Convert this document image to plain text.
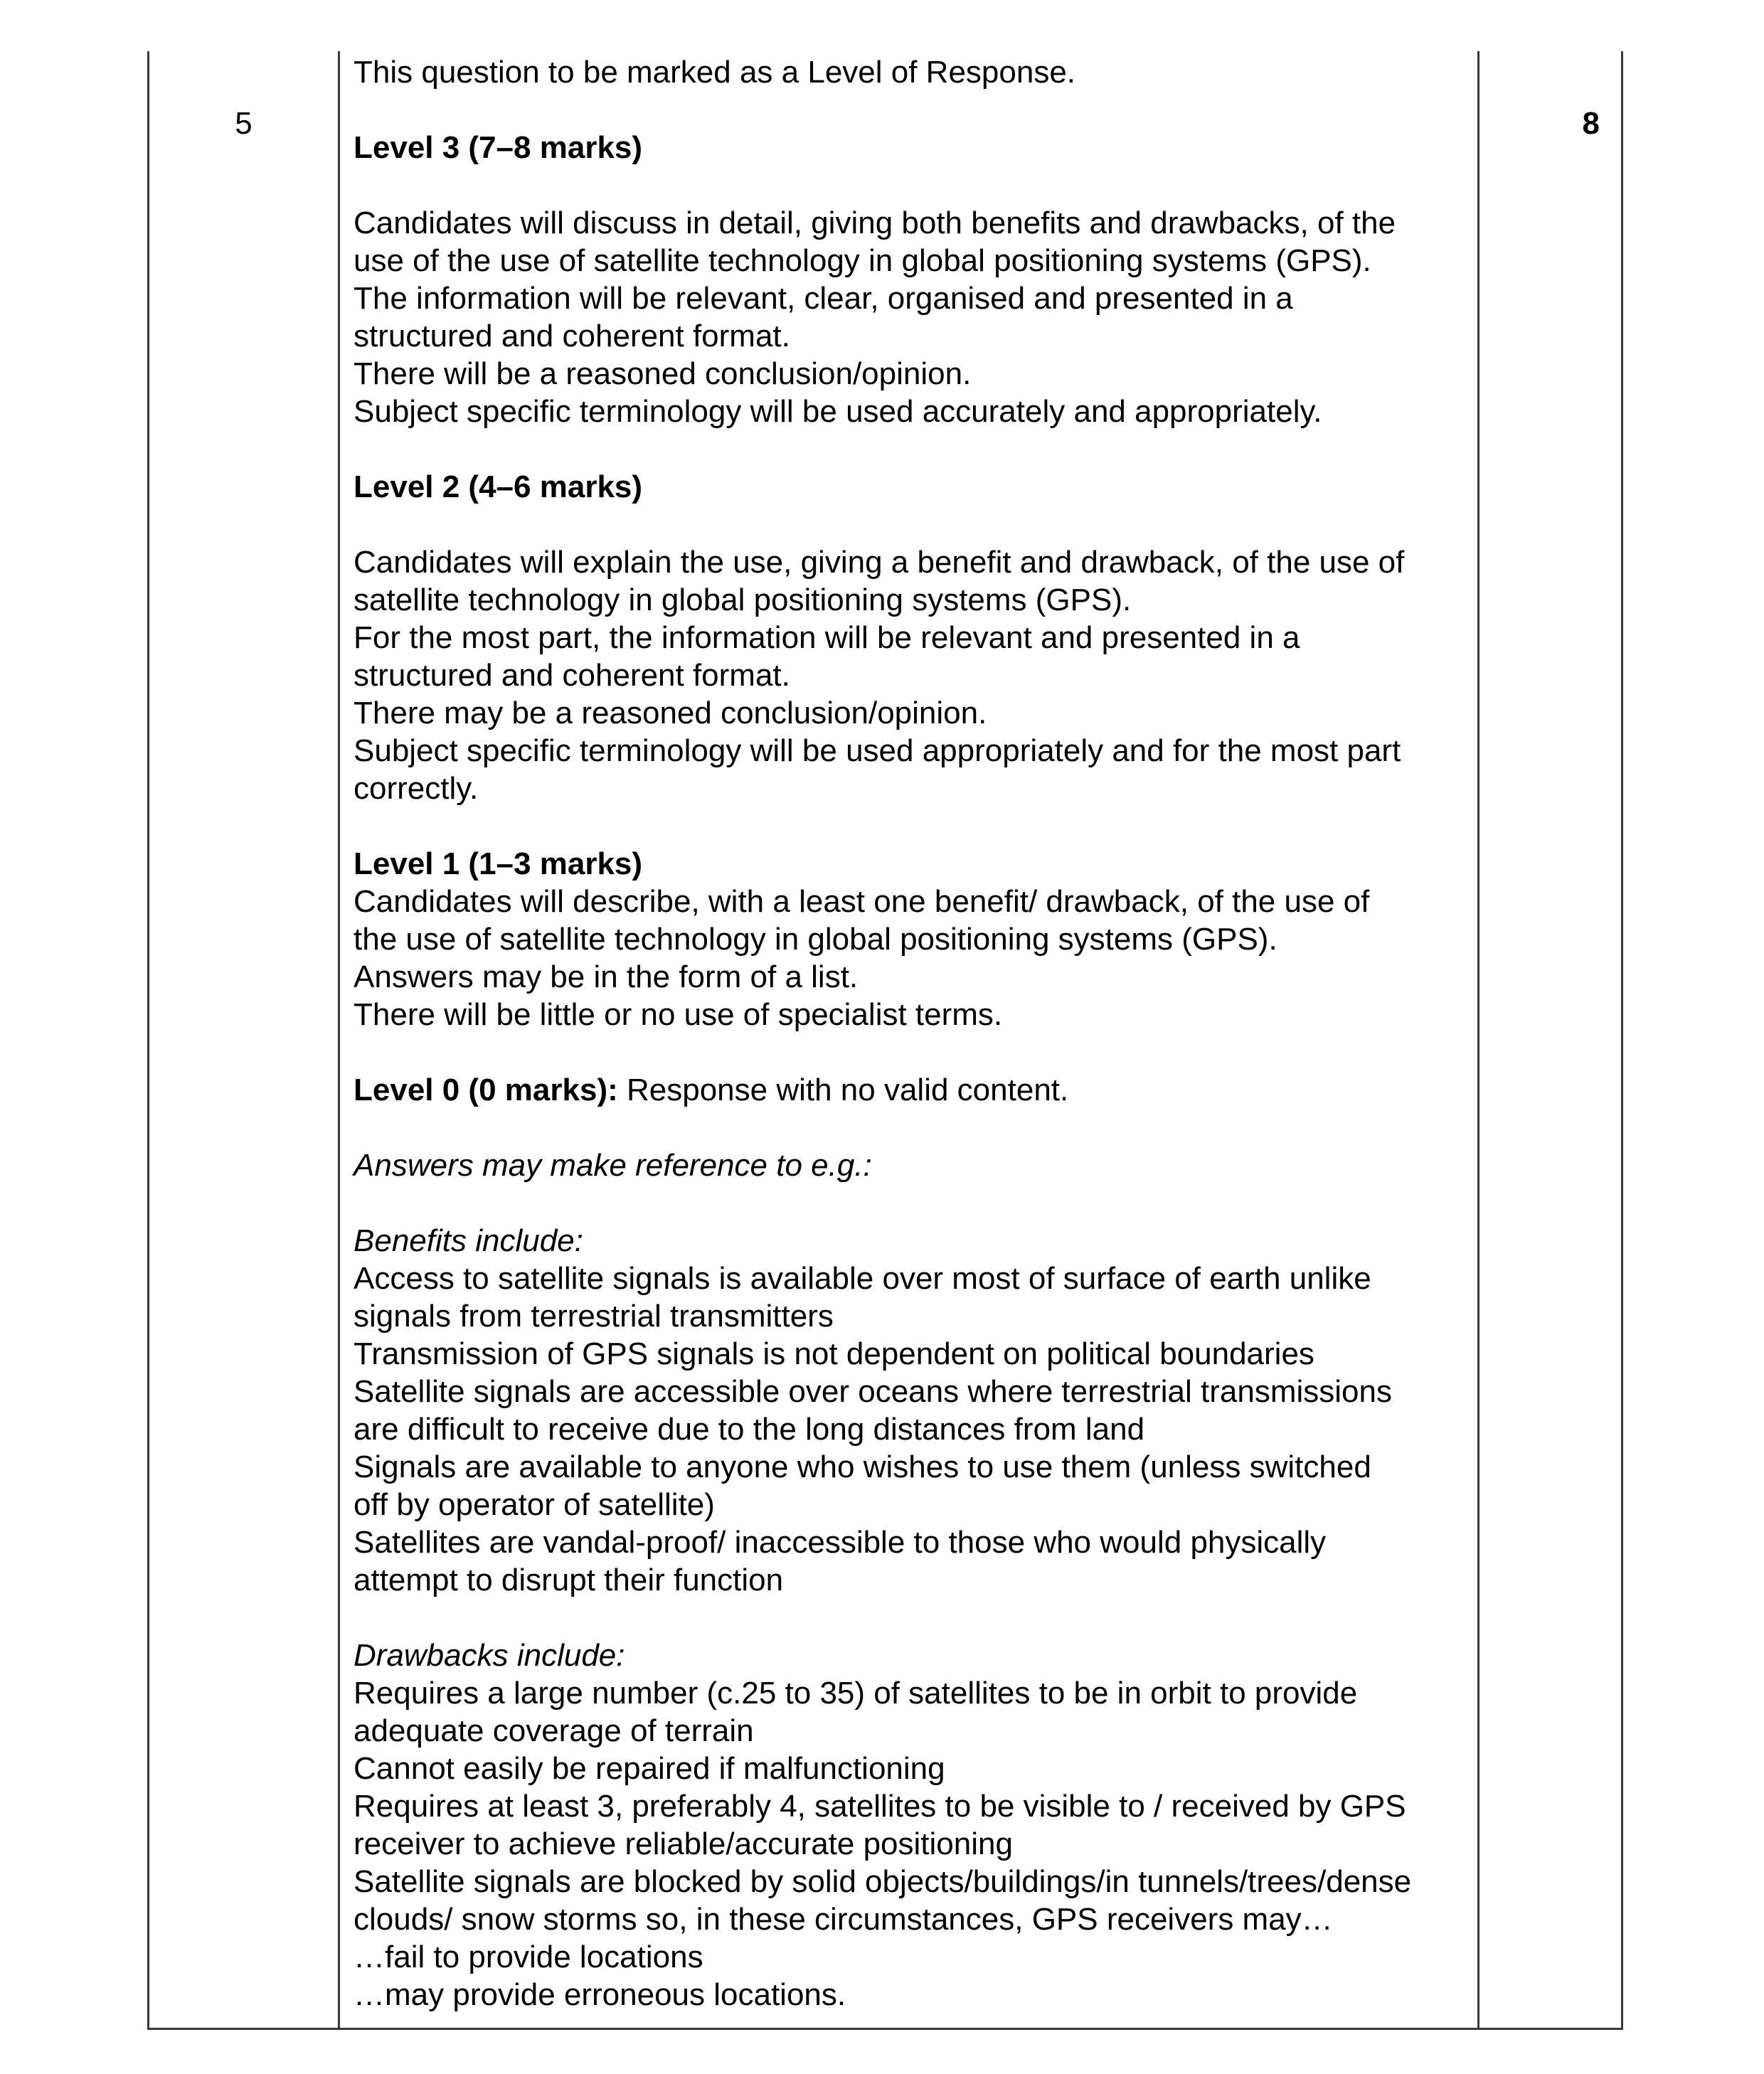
5	8
This question to be marked as a Level of Response.
Level 3 (7–8 marks)
Candidates will discuss in detail, giving both benefits and drawbacks, of the
use of the use of satellite technology in global positioning systems (GPS).
The information will be relevant, clear, organised and presented in a
structured and coherent format.
There will be a reasoned conclusion/opinion.
Subject specific terminology will be used accurately and appropriately.
Level 2 (4–6 marks)
Candidates will explain the use, giving a benefit and drawback, of the use of
satellite technology in global positioning systems (GPS).
For the most part, the information will be relevant and presented in a
structured and coherent format.
There may be a reasoned conclusion/opinion.
Subject specific terminology will be used appropriately and for the most part
correctly.
Level 1 (1–3 marks)
Candidates will describe, with a least one benefit/ drawback, of the use of
the use of satellite technology in global positioning systems (GPS).
Answers may be in the form of a list.
There will be little or no use of specialist terms.
Level 0 (0 marks): Response with no valid content.
Answers may make reference to e.g.:
Benefits include:
Access to satellite signals is available over most of surface of earth unlike
signals from terrestrial transmitters
Transmission of GPS signals is not dependent on political boundaries
Satellite signals are accessible over oceans where terrestrial transmissions
are difficult to receive due to the long distances from land
Signals are available to anyone who wishes to use them (unless switched
off by operator of satellite)
Satellites are vandal-proof/ inaccessible to those who would physically
attempt to disrupt their function
Drawbacks include:
Requires a large number (c.25 to 35) of satellites to be in orbit to provide
adequate coverage of terrain
Cannot easily be repaired if malfunctioning
Requires at least 3, preferably 4, satellites to be visible to / received by GPS
receiver to achieve reliable/accurate positioning
Satellite signals are blocked by solid objects/buildings/in tunnels/trees/dense
clouds/ snow storms so, in these circumstances, GPS receivers may…
…fail to provide locations
…may provide erroneous locations.
